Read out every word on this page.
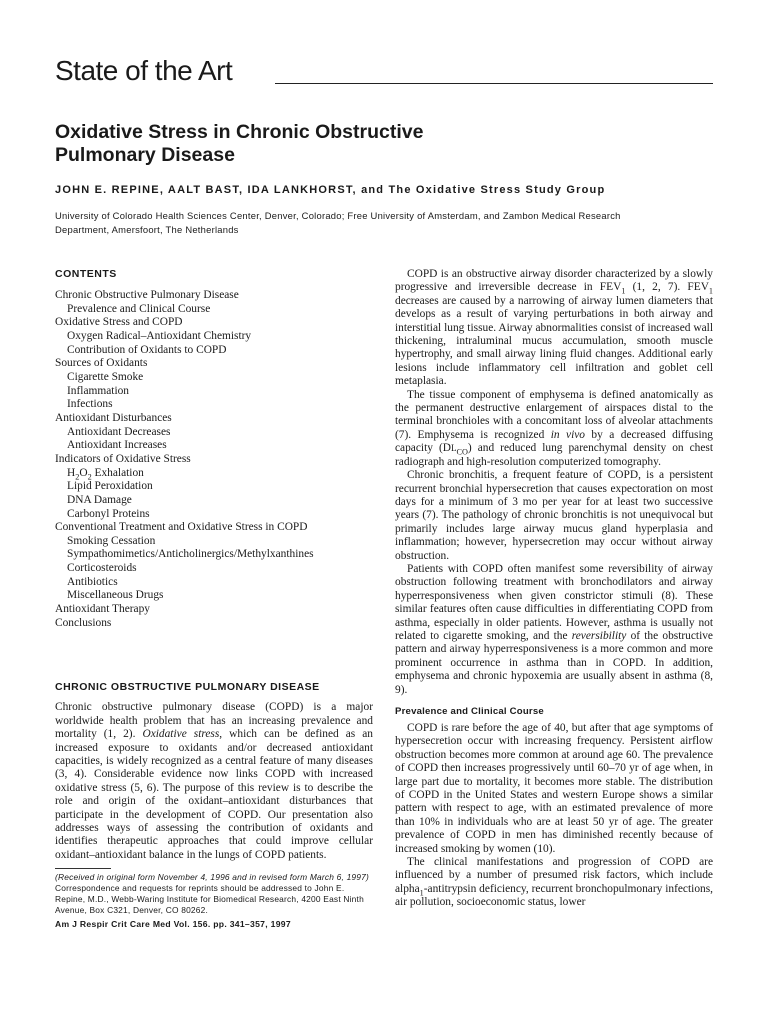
State of the Art
Oxidative Stress in Chronic Obstructive
Pulmonary Disease
JOHN E. REPINE, AALT BAST, IDA LANKHORST, and The Oxidative Stress Study Group
University of Colorado Health Sciences Center, Denver, Colorado; Free University of Amsterdam, and Zambon Medical Research
Department, Amersfoort, The Netherlands

CONTENTS

Chronic Obstructive Pulmonary Disease
Prevalence and Clinical Course
Oxidative Stress and COPD
Oxygen Radical–Antioxidant Chemistry
Contribution of Oxidants to COPD
Sources of Oxidants
Cigarette Smoke
Inflammation
Infections
Antioxidant Disturbances
Antioxidant Decreases
Antioxidant Increases
Indicators of Oxidative Stress
$H_2O_2$ Exhalation
Lipid Peroxidation
DNA Damage
Carbonyl Proteins
Conventional Treatment and Oxidative Stress in COPD
Smoking Cessation
Sympathomimetics/Anticholinergics/Methylxanthines
Corticosteroids
Antibiotics
Miscellaneous Drugs
Antioxidant Therapy
Conclusions

CHRONIC OBSTRUCTIVE PULMONARY DISEASE

Chronic obstructive pulmonary disease (COPD) is a major worldwide health problem that has an increasing prevalence and mortality (1, 2). Oxidative stress, which can be defined as an increased exposure to oxidants and/or decreased antioxidant capacities, is widely recognized as a central feature of many diseases (3, 4). Considerable evidence now links COPD with increased oxidative stress (5, 6). The purpose of this review is to describe the role and origin of the oxidant–antioxidant disturbances that participate in the development of COPD. Our presentation also addresses ways of assessing the contribution of oxidants and identifies therapeutic approaches that could improve cellular oxidant–antioxidant balance in the lungs of COPD patients.

(Received in original form November 4, 1996 and in revised form March 6, 1997)

Correspondence and requests for reprints should be addressed to John E. Repine, M.D., Webb-Waring Institute for Biomedical Research, 4200 East Ninth Avenue, Box C321, Denver, CO 80262.

Am J Respir Crit Care Med Vol. 156. pp. 341–357, 1997

COPD is an obstructive airway disorder characterized by a slowly progressive and irreversible decrease in $FEV_1$ (1, 2, 7). $FEV_1$ decreases are caused by a narrowing of airway lumen diameters that develops as a result of varying perturbations in both airway and interstitial lung tissue. Airway abnormalities consist of increased wall thickening, intraluminal mucus accumulation, smooth muscle hypertrophy, and small airway lining fluid changes. Additional early lesions include inflammatory cell infiltration and goblet cell metaplasia.

The tissue component of emphysema is defined anatomically as the permanent destructive enlargement of airspaces distal to the terminal bronchioles with a concomitant loss of alveolar attachments (7). Emphysema is recognized in vivo by a decreased diffusing capacity $(DL_{CO})$ and reduced lung parenchymal density on chest radiograph and high-resolution computerized tomography.

Chronic bronchitis, a frequent feature of COPD, is a persistent recurrent bronchial hypersecretion that causes expectoration on most days for a minimum of 3 mo per year for at least two successive years (7). The pathology of chronic bronchitis is not unequivocal but primarily includes large airway mucus gland hyperplasia and inflammation; however, hypersecretion may occur without airway obstruction.

Patients with COPD often manifest some reversibility of airway obstruction following treatment with bronchodilators and airway hyperresponsiveness when given constrictor stimuli (8). These similar features often cause difficulties in differentiating COPD from asthma, especially in older patients. However, asthma is usually not related to cigarette smoking, and the reversibility of the obstructive pattern and airway hyperresponsiveness is a more common and more prominent occurrence in asthma than in COPD. In addition, emphysema and chronic hypoxemia are usually absent in asthma (8, 9).

Prevalence and Clinical Course

COPD is rare before the age of 40, but after that age symptoms of hypersecretion occur with increasing frequency. Persistent airflow obstruction becomes more common at around age 60. The prevalence of COPD then increases progressively until 60–70 yr of age when, in large part due to mortality, it becomes more stable. The distribution of COPD in the United States and western Europe shows a similar pattern with respect to age, with an estimated prevalence of more than 10% in individuals who are at least 50 yr of age. The greater prevalence of COPD in men has diminished recently because of increased smoking by women (10).

The clinical manifestations and progression of COPD are influenced by a number of presumed risk factors, which include alpha$_1$-antitrypsin deficiency, recurrent bronchopulmonary infections, air pollution, socioeconomic status, lower
